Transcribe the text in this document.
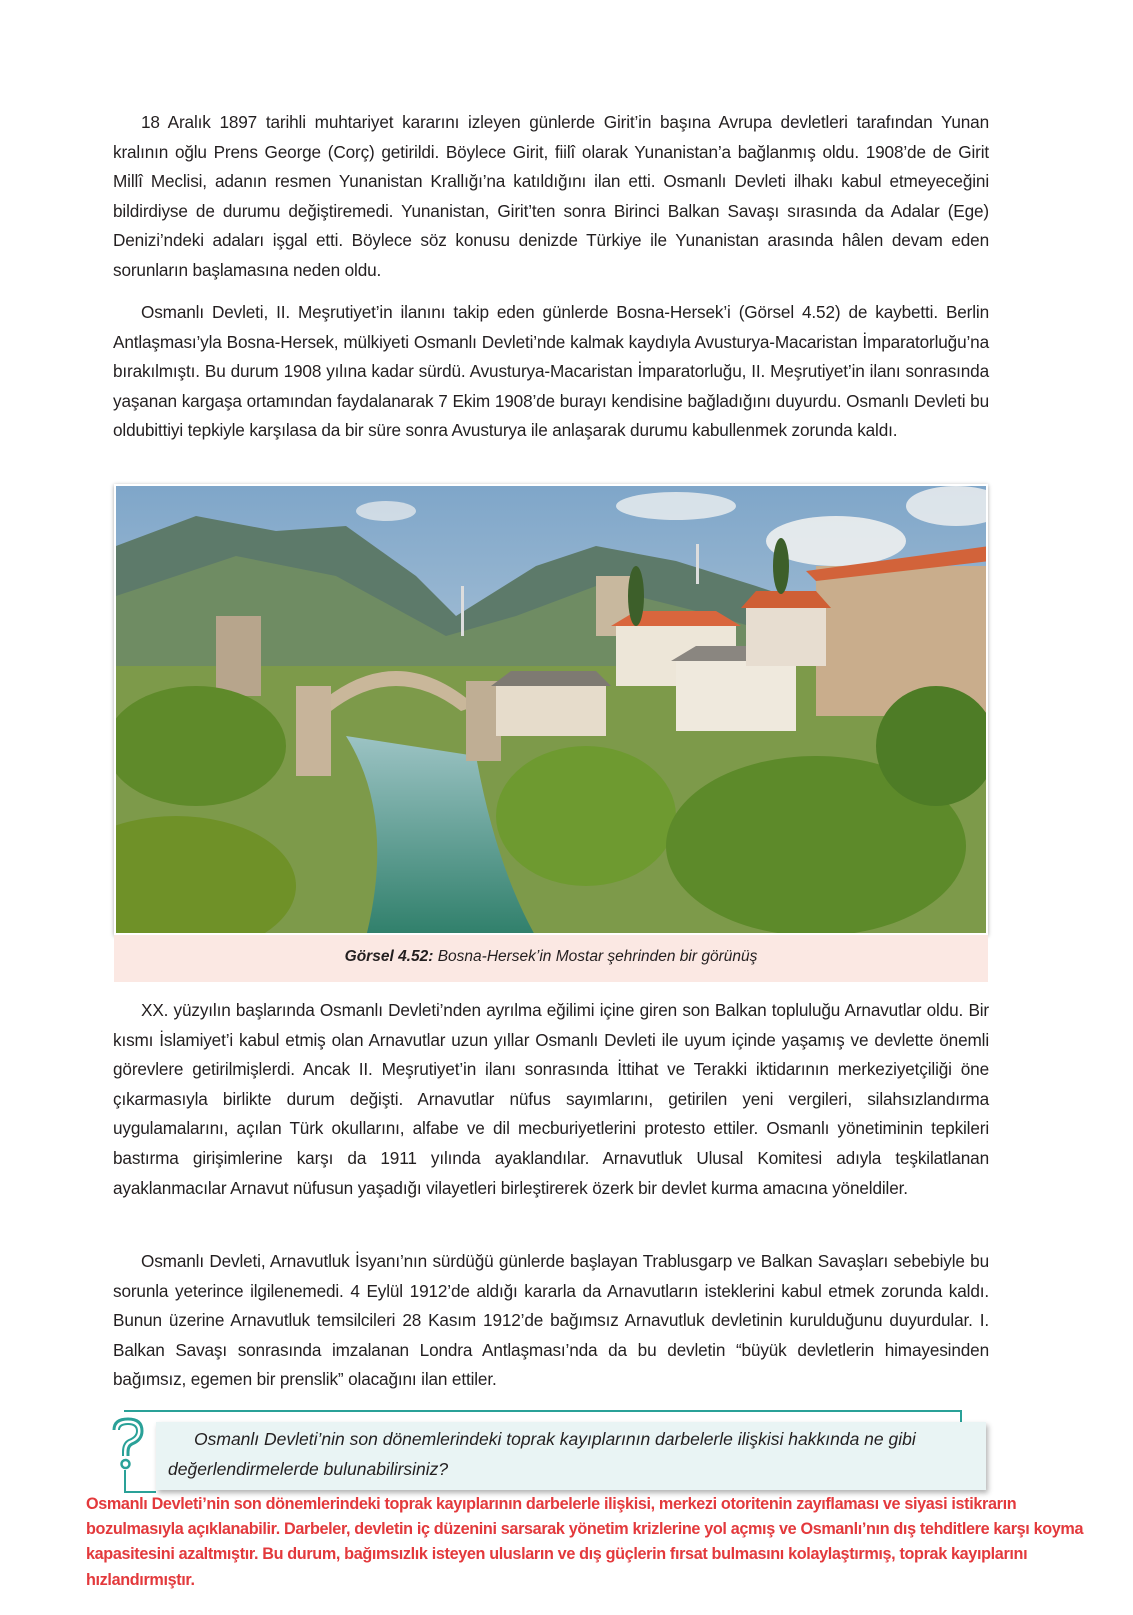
18 Aralık 1897 tarihli muhtariyet kararını izleyen günlerde Girit’in başına Avrupa devletleri tarafından Yunan kralının oğlu Prens George (Corç) getirildi. Böylece Girit, fiilî olarak Yunanistan’a bağlanmış oldu. 1908’de de Girit Millî Meclisi, adanın resmen Yunanistan Krallığı’na katıldığını ilan etti. Osmanlı Devleti ilhakı kabul etmeyeceğini bildirdiyse de durumu değiştiremedi. Yunanistan, Girit’ten sonra Birinci Balkan Savaşı sırasında da Adalar (Ege) Denizi’ndeki adaları işgal etti. Böylece söz konusu denizde Türkiye ile Yunanistan arasında hâlen devam eden sorunların başlamasına neden oldu.

Osmanlı Devleti, II. Meşrutiyet’in ilanını takip eden günlerde Bosna-Hersek’i (Görsel 4.52) de kaybetti. Berlin Antlaşması’yla Bosna-Hersek, mülkiyeti Osmanlı Devleti’nde kalmak kaydıyla Avusturya-Macaristan İmparatorluğu’na bırakılmıştı. Bu durum 1908 yılına kadar sürdü. Avusturya-Macaristan İmparatorluğu, II. Meşrutiyet’in ilanı sonrasında yaşanan kargaşa ortamından faydalanarak 7 Ekim 1908’de burayı kendisine bağladığını duyurdu. Osmanlı Devleti bu oldubittiyi tepkiyle karşılasa da bir süre sonra Avusturya ile anlaşarak durumu kabullenmek zorunda kaldı.

Görsel 4.52: Bosna-Hersek’in Mostar şehrinden bir görünüş

XX. yüzyılın başlarında Osmanlı Devleti’nden ayrılma eğilimi içine giren son Balkan topluluğu Arnavutlar oldu. Bir kısmı İslamiyet’i kabul etmiş olan Arnavutlar uzun yıllar Osmanlı Devleti ile uyum içinde yaşamış ve devlette önemli görevlere getirilmişlerdi. Ancak II. Meşrutiyet’in ilanı sonrasında İttihat ve Terakki iktidarının merkeziyetçiliği öne çıkarmasıyla birlikte durum değişti. Arnavutlar nüfus sayımlarını, getirilen yeni vergileri, silahsızlandırma uygulamalarını, açılan Türk okullarını, alfabe ve dil mecburiyetlerini protesto ettiler. Osmanlı yönetiminin tepkileri bastırma girişimlerine karşı da 1911 yılında ayaklandılar. Arnavutluk Ulusal Komitesi adıyla teşkilatlanan ayaklanmacılar Arnavut nüfusun yaşadığı vilayetleri birleştirerek özerk bir devlet kurma amacına yöneldiler.

Osmanlı Devleti, Arnavutluk İsyanı’nın sürdüğü günlerde başlayan Trablusgarp ve Balkan Savaşları sebebiyle bu sorunla yeterince ilgilenemedi. 4 Eylül 1912’de aldığı kararla da Arnavutların isteklerini kabul etmek zorunda kaldı. Bunun üzerine Arnavutluk temsilcileri 28 Kasım 1912’de bağımsız Arnavutluk devletinin kurulduğunu duyurdular. I. Balkan Savaşı sonrasında imzalanan Londra Antlaşması’nda da bu devletin “büyük devletlerin himayesinden bağımsız, egemen bir prenslik” olacağını ilan ettiler.

Osmanlı Devleti’nin son dönemlerindeki toprak kayıplarının darbelerle ilişkisi hakkında ne gibi değerlendirmelerde bulunabilirsiniz?

Osmanlı Devleti’nin son dönemlerindeki toprak kayıplarının darbelerle ilişkisi, merkezi otoritenin zayıflaması ve siyasi istikrarın bozulmasıyla açıklanabilir. Darbeler, devletin iç düzenini sarsarak yönetim krizlerine yol açmış ve Osmanlı’nın dış tehditlere karşı koyma kapasitesini azaltmıştır. Bu durum, bağımsızlık isteyen ulusların ve dış güçlerin fırsat bulmasını kolaylaştırmış, toprak kayıplarını hızlandırmıştır.
